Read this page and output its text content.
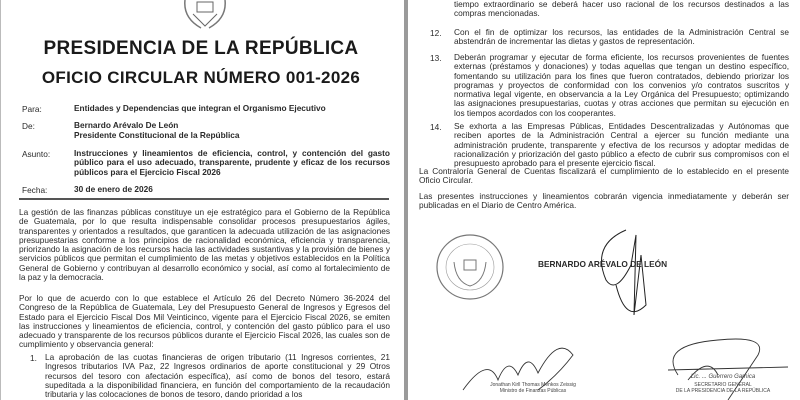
PRESIDENCIA DE LA REPÚBLICA
OFICIO CIRCULAR NÚMERO 001-2026
Para:	Entidades y Dependencias que integran el Organismo Ejecutivo
De:	Bernardo Arévalo De León
Presidente Constitucional de la República
Asunto:	Instrucciones y lineamientos de eficiencia, control, y contención del gasto público para el uso adecuado, transparente, prudente y eficaz de los recursos públicos para el Ejercicio Fiscal 2026
Fecha:	30 de enero de 2026
La gestión de las finanzas públicas constituye un eje estratégico para el Gobierno de la República de Guatemala, por lo que resulta indispensable consolidar procesos presupuestarios ágiles, transparentes y orientados a resultados, que garanticen la adecuada utilización de las asignaciones presupuestarias conforme a los principios de racionalidad económica, eficiencia y transparencia, priorizando la asignación de los recursos hacia las actividades sustantivas y la provisión de bienes y servicios públicos que permitan el cumplimiento de las metas y objetivos establecidos en la Política General de Gobierno y contribuyan al desarrollo económico y social, así como al fortalecimiento de la paz y la democracia.
Por lo que de acuerdo con lo que establece el Artículo 26 del Decreto Número 36-2024 del Congreso de la República de Guatemala, Ley del Presupuesto General de Ingresos y Egresos del Estado para el Ejercicio Fiscal Dos Mil Veinticinco, vigente para el Ejercicio Fiscal 2026, se emiten las instrucciones y lineamientos de eficiencia, control, y contención del gasto público para el uso adecuado y transparente de los recursos públicos durante el Ejercicio Fiscal 2026, las cuales son de cumplimiento y observancia general:
1. La aprobación de las cuotas financieras de origen tributario (11 Ingresos corrientes, 21 Ingresos tributarios IVA Paz, 22 Ingresos ordinarios de aporte constitucional y 29 Otros recursos del tesoro con afectación específica), así como de bonos del tesoro, estará supeditada a la disponibilidad financiera, en función del comportamiento de la recaudación tributaria y las colocaciones de bonos de tesoro, dando prioridad a los
tiempo extraordinario se deberá hacer uso racional de los recursos destinados a las compras mencionadas.
12. Con el fin de optimizar los recursos, las entidades de la Administración Central se abstendrán de incrementar las dietas y gastos de representación.
13. Deberán programar y ejecutar de forma eficiente, los recursos provenientes de fuentes externas (préstamos y donaciones) y todas aquellas que tengan un destino específico, fomentando su utilización para los fines que fueron contratados, debiendo priorizar los programas y proyectos de conformidad con los convenios y/o contratos suscritos y normativa legal vigente, en observancia a la Ley Orgánica del Presupuesto; optimizando las asignaciones presupuestarias, cuotas y otras acciones que permitan su ejecución en los tiempos acordados con los cooperantes.
14. Se exhorta a las Empresas Públicas, Entidades Descentralizadas y Autónomas que reciben aportes de la Administración Central a ejercer su función mediante una administración prudente, transparente y efectiva de los recursos y adoptar medidas de racionalización y priorización del gasto público a efecto de cubrir sus compromisos con el presupuesto aprobado para el presente ejercicio fiscal.
La Contraloría General de Cuentas fiscalizará el cumplimiento de lo establecido en el presente Oficio Circular.
Las presentes instrucciones y lineamientos cobrarán vigencia inmediatamente y deberán ser publicadas en el Diario de Centro América.
BERNARDO ARÉVALO DE LEÓN
Jonathan Kirll Thomas Menkos Zeissig
Ministro de Finanzas Públicas
Lic. ... Guerrero Garnica
SECRETARIO GENERAL
DE LA PRESIDENCIA DE LA REPÚBLICA
